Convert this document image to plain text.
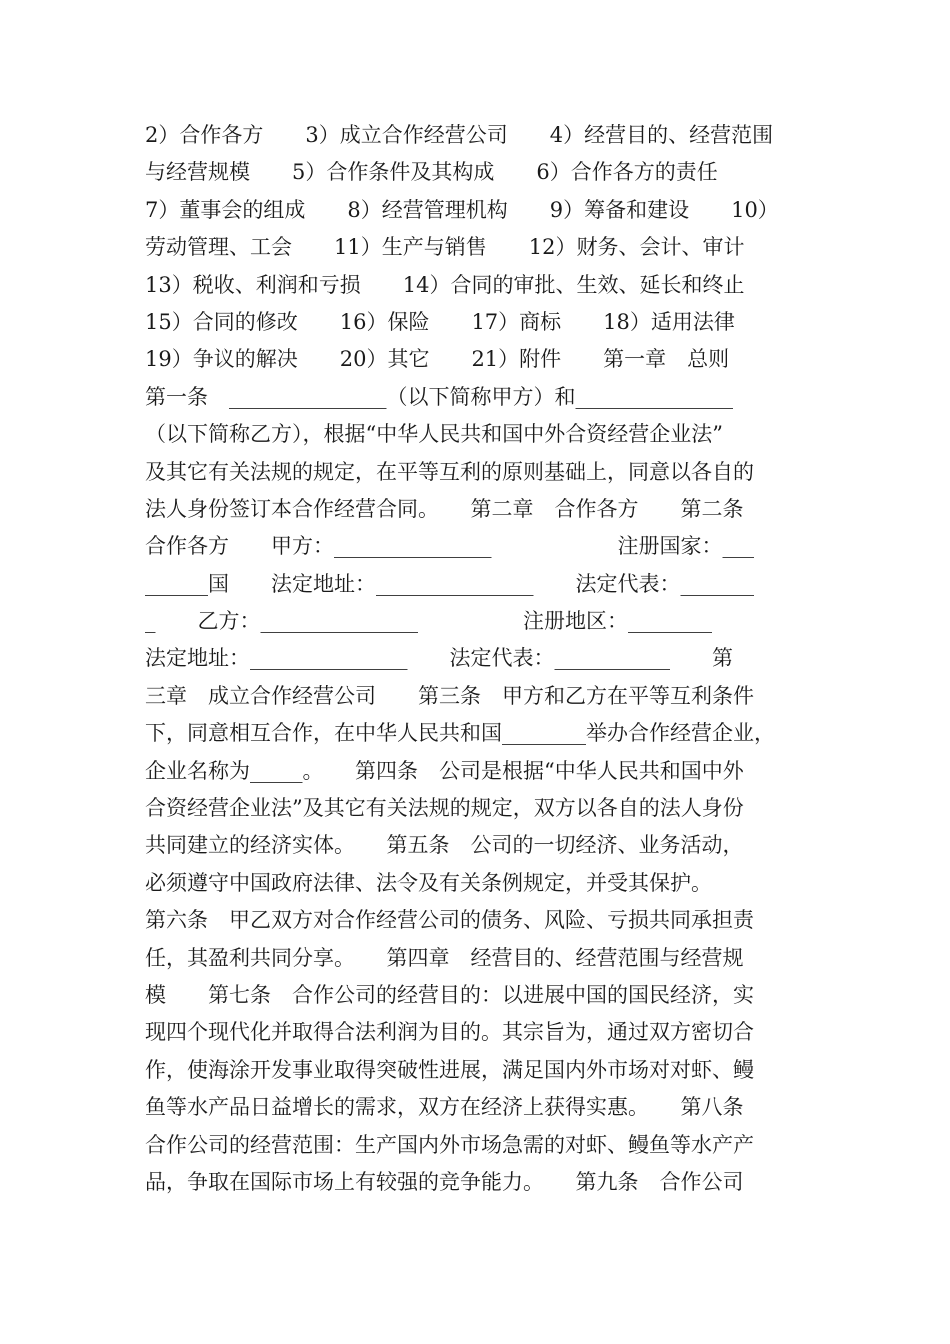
2）合作各方　　3）成立合作经营公司　　4）经营目的、经营范围
与经营规模　　5）合作条件及其构成　　6）合作各方的责任
7）董事会的组成　　8）经营管理机构　　9）筹备和建设　　10）
劳动管理、工会　　11）生产与销售　　12）财务、会计、审计
13）税收、利润和亏损　　14）合同的审批、生效、延长和终止
15）合同的修改　　16）保险　　17）商标　　18）适用法律
19）争议的解决　　20）其它　　21）附件　　第一章　总则
第一条　_______________（以下简称甲方）和_______________
（以下简称乙方），根据“中华人民共和国中外合资经营企业法”
及其它有关法规的规定，在平等互利的原则基础上，同意以各自的
法人身份签订本合作经营合同。　　第二章　合作各方　　第二条
合作各方　　甲方：_______________　　　　　　注册国家：___
______国　　法定地址：_______________　　法定代表：_______
_　　乙方：_______________　　　　　注册地区：________
法定地址：_______________　　法定代表：___________　　第
三章　成立合作经营公司　　第三条　甲方和乙方在平等互利条件
下，同意相互合作，在中华人民共和国________举办合作经营企业，
企业名称为_____。　　第四条　公司是根据“中华人民共和国中外
合资经营企业法”及其它有关法规的规定，双方以各自的法人身份
共同建立的经济实体。　　第五条　公司的一切经济、业务活动，
必须遵守中国政府法律、法令及有关条例规定，并受其保护。
第六条　甲乙双方对合作经营公司的债务、风险、亏损共同承担责
任，其盈利共同分享。　　第四章　经营目的、经营范围与经营规
模　　第七条　合作公司的经营目的：以进展中国的国民经济，实
现四个现代化并取得合法利润为目的。其宗旨为，通过双方密切合
作，使海涂开发事业取得突破性进展，满足国内外市场对对虾、鳗
鱼等水产品日益增长的需求，双方在经济上获得实惠。　　第八条
合作公司的经营范围：生产国内外市场急需的对虾、鳗鱼等水产产
品，争取在国际市场上有较强的竞争能力。　　第九条　合作公司
